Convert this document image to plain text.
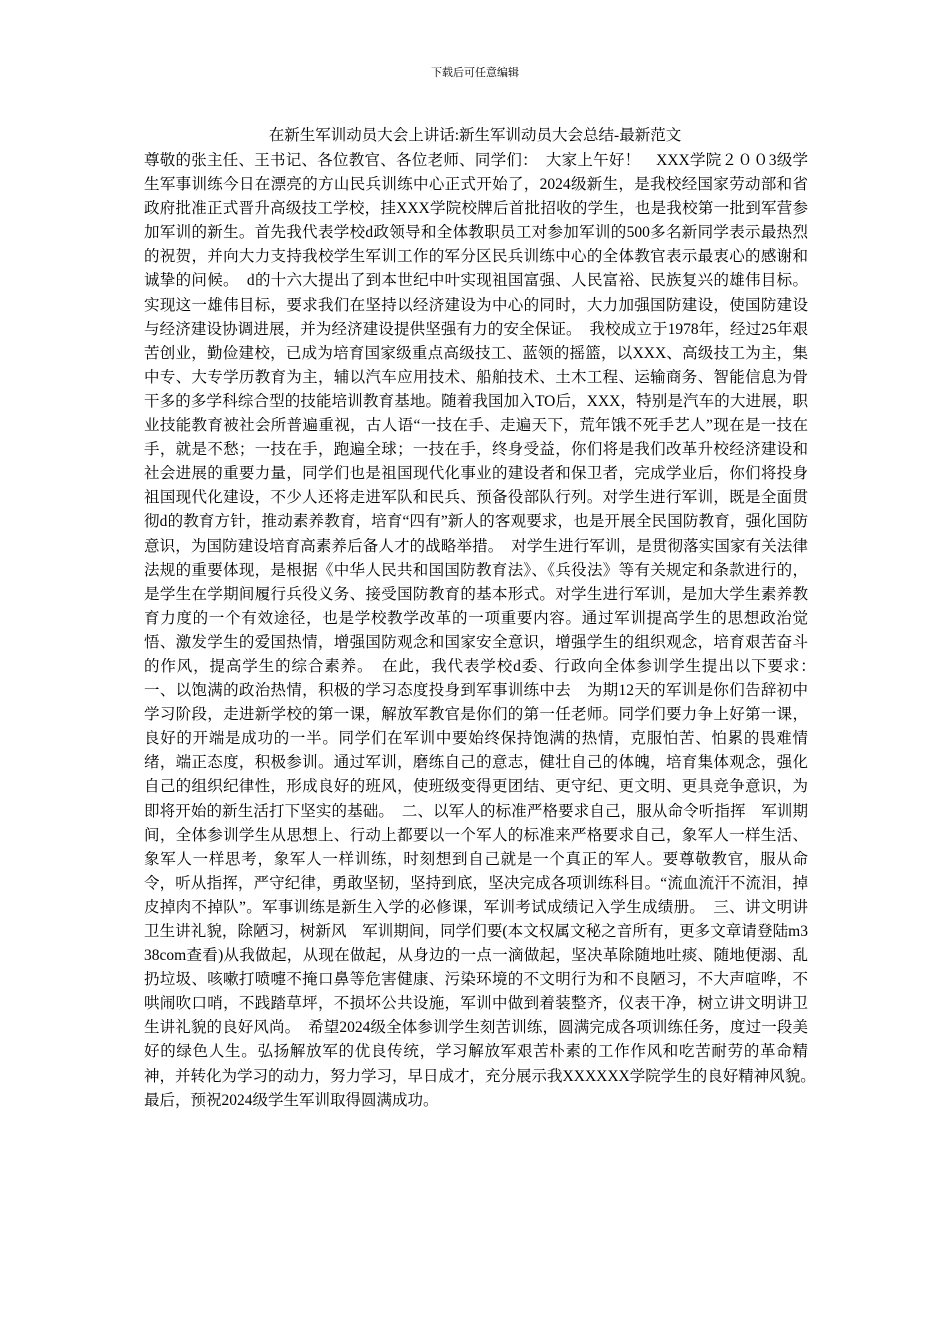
下载后可任意编辑
在新生军训动员大会上讲话:新生军训动员大会总结-最新范文

尊敬的张主任、王书记、各位教官、各位老师、同学们：　大家上午好！　XXX学院２００3级学生军事训练今日在漂亮的方山民兵训练中心正式开始了，2024级新生，是我校经国家劳动部和省政府批准正式晋升高级技工学校，挂XXX学院校牌后首批招收的学生，也是我校第一批到军营参加军训的新生。首先我代表学校d政领导和全体教职员工对参加军训的500多名新同学表示最热烈的祝贺，并向大力支持我校学生军训工作的军分区民兵训练中心的全体教官表示最衷心的感谢和诚挚的问候。　d的十六大提出了到本世纪中叶实现祖国富强、人民富裕、民族复兴的雄伟目标。实现这一雄伟目标，要求我们在坚持以经济建设为中心的同时，大力加强国防建设，使国防建设与经济建设协调进展，并为经济建设提供坚强有力的安全保证。　我校成立于1978年，经过25年艰苦创业，勤俭建校，已成为培育国家级重点高级技工、蓝领的摇篮，以XXX、高级技工为主，集中专、大专学历教育为主，辅以汽车应用技术、船舶技术、土木工程、运输商务、智能信息为骨干多的多学科综合型的技能培训教育基地。随着我国加入TO后，XXX，特别是汽车的大进展，职业技能教育被社会所普遍重视，古人语“一技在手、走遍天下，荒年饿不死手艺人”现在是一技在手，就是不愁；一技在手，跑遍全球；一技在手，终身受益，你们将是我们改革升校经济建设和社会进展的重要力量，同学们也是祖国现代化事业的建设者和保卫者，完成学业后，你们将投身祖国现代化建设，不少人还将走进军队和民兵、预备役部队行列。对学生进行军训，既是全面贯彻d的教育方针，推动素养教育，培育“四有”新人的客观要求，也是开展全民国防教育，强化国防意识，为国防建设培育高素养后备人才的战略举措。　对学生进行军训，是贯彻落实国家有关法律法规的重要体现，是根据《中华人民共和国国防教育法》、《兵役法》等有关规定和条款进行的，是学生在学期间履行兵役义务、接受国防教育的基本形式。对学生进行军训，是加大学生素养教育力度的一个有效途径，也是学校教学改革的一项重要内容。通过军训提高学生的思想政治觉悟、激发学生的爱国热情，增强国防观念和国家安全意识，增强学生的组织观念，培育艰苦奋斗的作风，提高学生的综合素养。　在此，我代表学校d委、行政向全体参训学生提出以下要求：　一、以饱满的政治热情，积极的学习态度投身到军事训练中去　为期12天的军训是你们告辞初中学习阶段，走进新学校的第一课，解放军教官是你们的第一任老师。同学们要力争上好第一课，良好的开端是成功的一半。同学们在军训中要始终保持饱满的热情，克服怕苦、怕累的畏难情绪，端正态度，积极参训。通过军训，磨练自己的意志，健壮自己的体魄，培育集体观念，强化自己的组织纪律性，形成良好的班风，使班级变得更团结、更守纪、更文明、更具竞争意识，为即将开始的新生活打下坚实的基础。　二、以军人的标准严格要求自己，服从命令听指挥　军训期间，全体参训学生从思想上、行动上都要以一个军人的标准来严格要求自己，象军人一样生活、象军人一样思考，象军人一样训练，时刻想到自己就是一个真正的军人。要尊敬教官，服从命令，听从指挥，严守纪律，勇敢坚韧，坚持到底，坚决完成各项训练科目。“流血流汗不流泪，掉皮掉肉不掉队”。军事训练是新生入学的必修课，军训考试成绩记入学生成绩册。　三、讲文明讲卫生讲礼貌，除陋习，树新风　军训期间，同学们要(本文权属文秘之音所有，更多文章请登陆m338com查看)从我做起，从现在做起，从身边的一点一滴做起，坚决革除随地吐痰、随地便溺、乱扔垃圾、咳嗽打喷嚏不掩口鼻等危害健康、污染环境的不文明行为和不良陋习，不大声喧哗，不哄闹吹口哨，不践踏草坪，不损坏公共设施，军训中做到着装整齐，仪表干净，树立讲文明讲卫生讲礼貌的良好风尚。　希望2024级全体参训学生刻苦训练，圆满完成各项训练任务，度过一段美好的绿色人生。弘扬解放军的优良传统，学习解放军艰苦朴素的工作作风和吃苦耐劳的革命精神，并转化为学习的动力，努力学习，早日成才，充分展示我XXXXXX学院学生的良好精神风貌。　最后，预祝2024级学生军训取得圆满成功。
